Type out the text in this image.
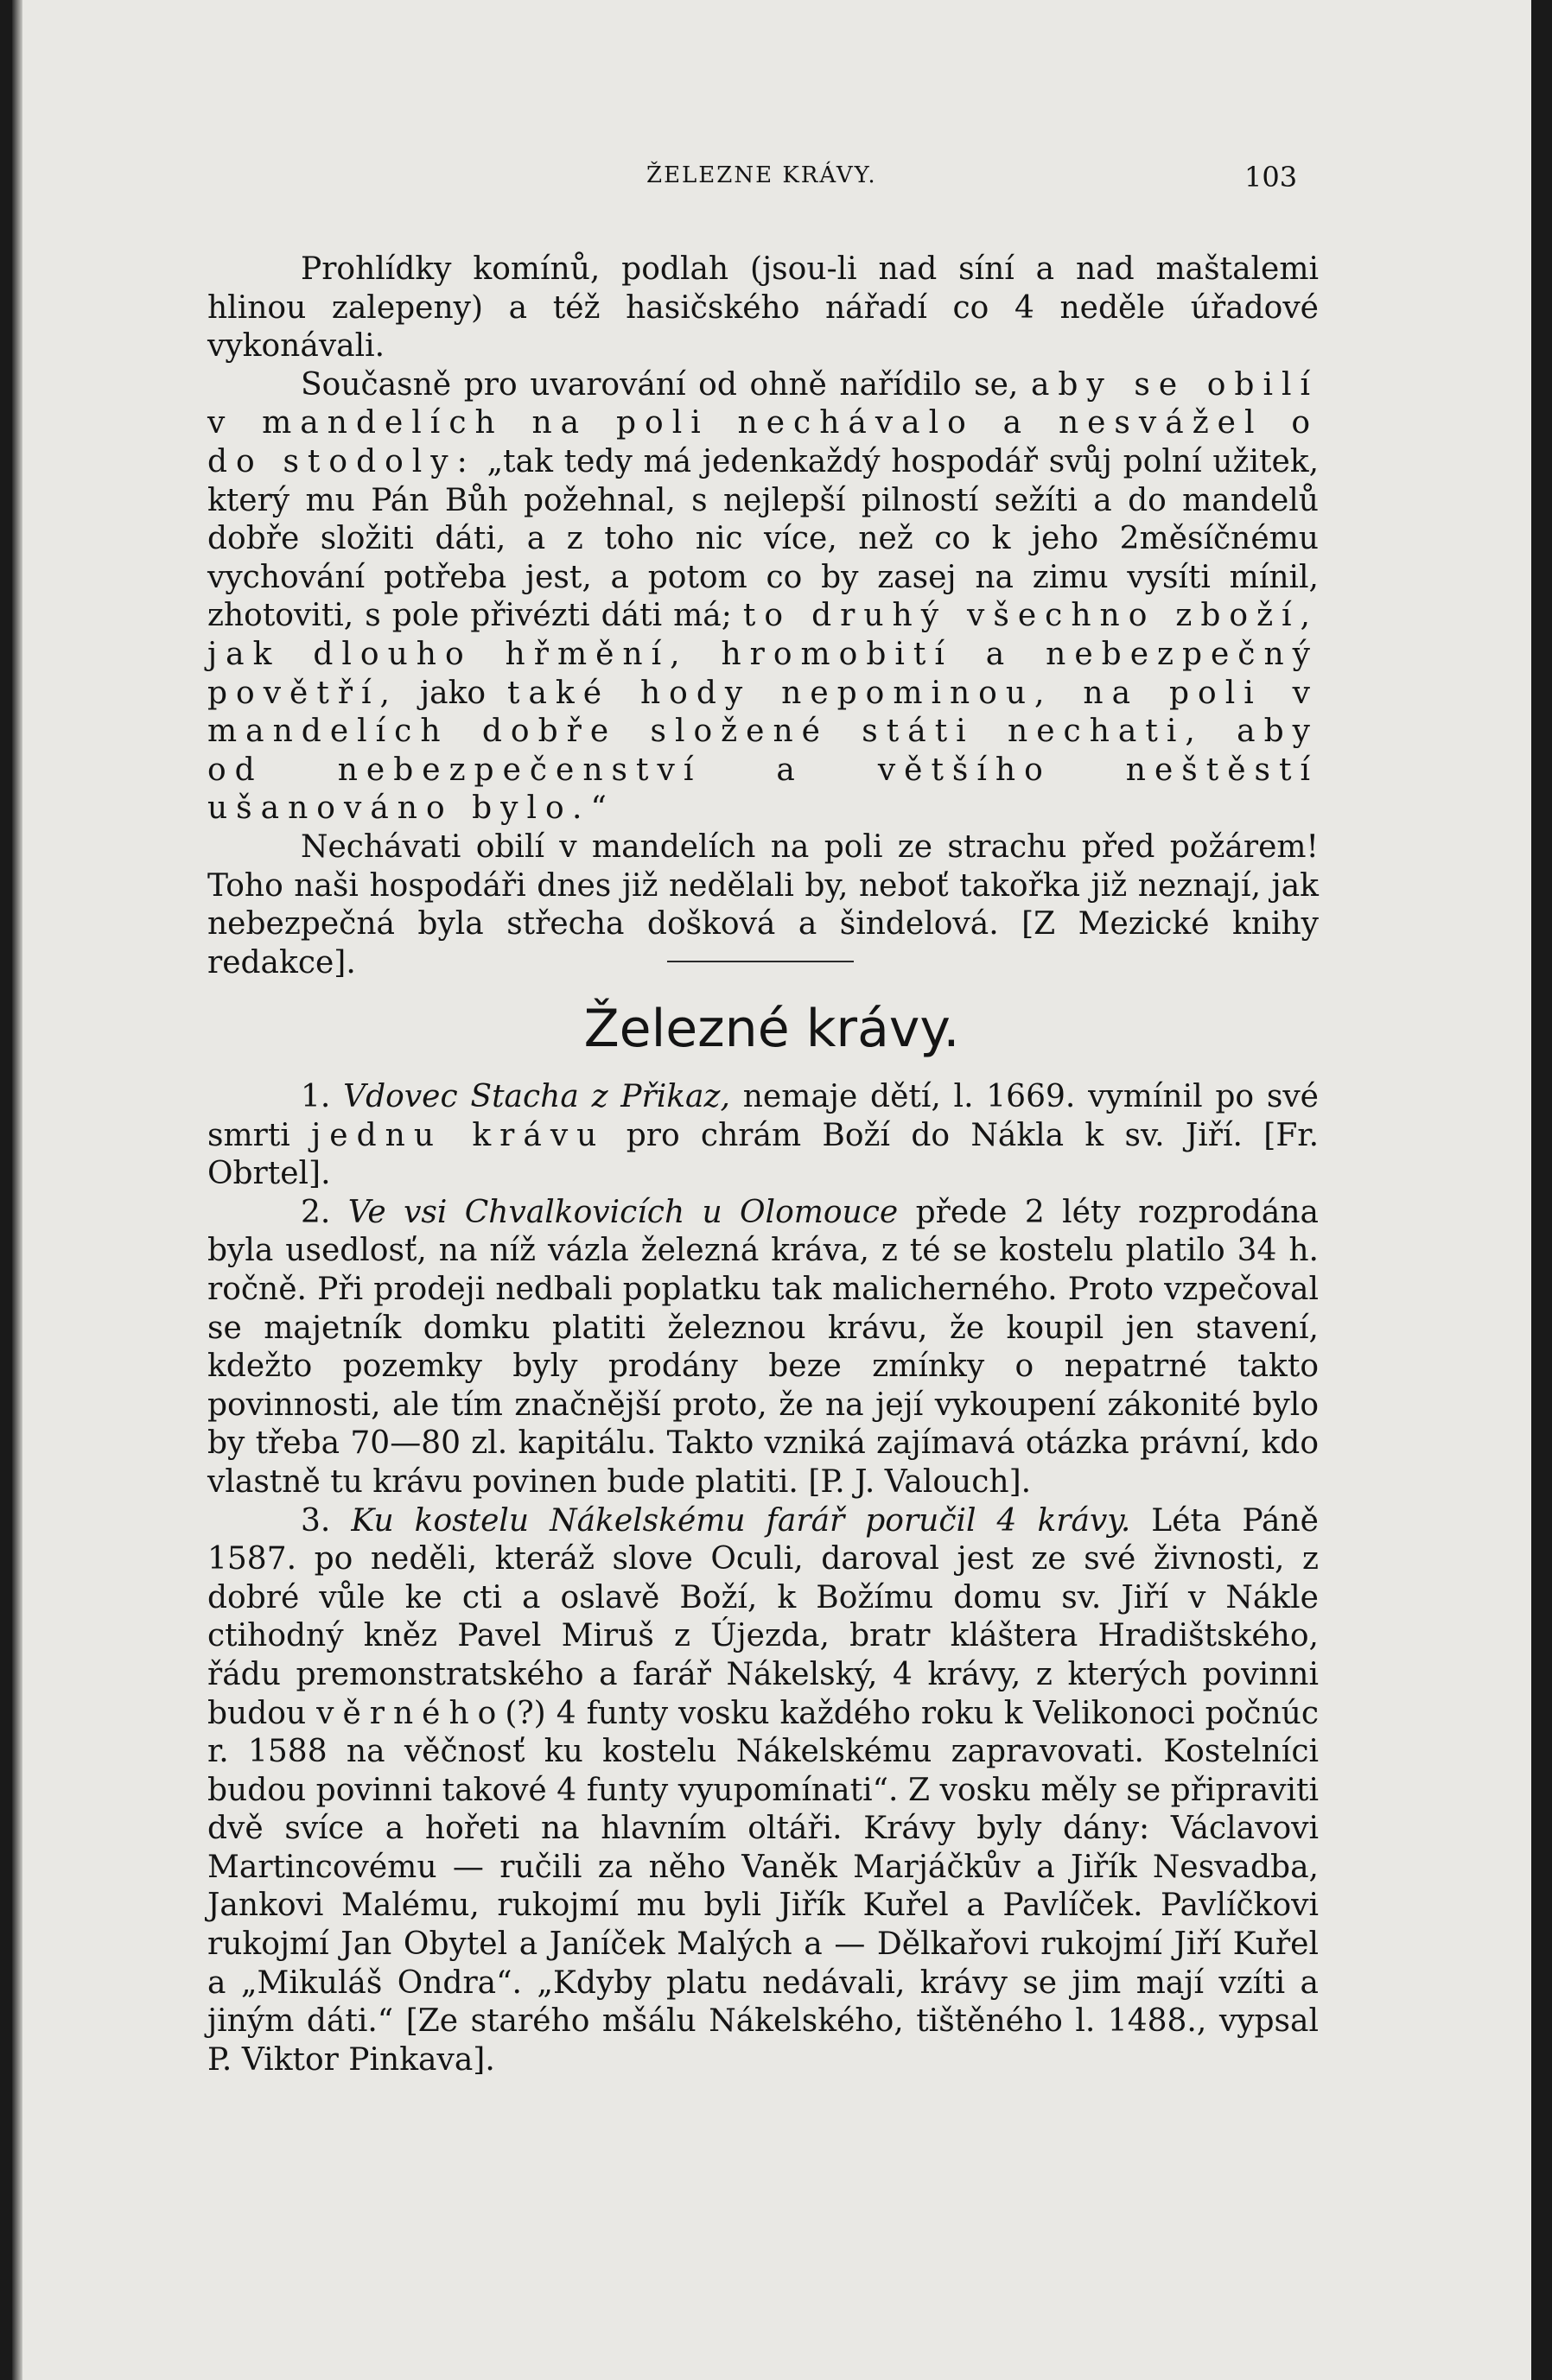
ŽELEZNE KRÁVY.	103

Prohlídky komínů, podlah (jsou-li nad síní a nad maštalemi hlinou zalepeny) a též hasičského nářadí co 4 neděle úřadové vykonávali.

Současně pro uvarování od ohně nařídilo se, aby se obilí v mandelích na poli nechávalo a nesvážel o do stodoly: „tak tedy má jedenkaždý hospodář svůj polní užitek, který mu Pán Bůh požehnal, s nejlepší pilností sežíti a do mandelů dobře složiti dáti, a z toho nic více, než co k jeho 2měsíčnému vychování potřeba jest, a potom co by zasej na zimu vysíti mínil, zhotoviti, s pole přivézti dáti má; to druhý všechno zboží, jak dlouho hřmění, hromobití a nebezpečný povětří, jako také hody nepominou, na poli v mandelích dobře složené státi nechati, aby od nebezpečenství a většího neštěstí ušanováno bylo.“

Nechávati obilí v mandelích na poli ze strachu před požárem! Toho naši hospodáři dnes již nedělali by, neboť takořka již neznají, jak nebezpečná byla střecha došková a šindelová. [Z Mezické knihy redakce].

Železné krávy.

1. Vdovec Stacha z Přikaz, nemaje dětí, l. 1669. vymínil po své smrti jednu krávu pro chrám Boží do Nákla k sv. Jiří. [Fr. Obrtel].

2. Ve vsi Chvalkovicích u Olomouce přede 2 léty rozprodána byla usedlosť, na níž vázla železná kráva, z té se kostelu platilo 34 h. ročně. Při prodeji nedbali poplatku tak malicherného. Proto vzpečoval se majetník domku platiti železnou krávu, že koupil jen stavení, kdežto pozemky byly prodány beze zmínky o nepatrné takto povinnosti, ale tím značnější proto, že na její vykoupení zákonité bylo by třeba 70—80 zl. kapitálu. Takto vzniká zajímavá otázka právní, kdo vlastně tu krávu povinen bude platiti. [P. J. Valouch].

3. Ku kostelu Nákelskému farář poručil 4 krávy. Léta Páně 1587. po neděli, kteráž slove Oculi, daroval jest ze své živnosti, z dobré vůle ke cti a oslavě Boží, k Božímu domu sv. Jiří v Nákle ctihodný kněz Pavel Miruš z Újezda, bratr kláštera Hradištského, řádu premonstratského a farář Nákelský, 4 krávy, z kterých povinni budou věrného(?) 4 funty vosku každého roku k Velikonoci počnúc r. 1588 na věčnosť ku kostelu Nákelskému zapravovati. Kostelníci budou povinni takové 4 funty vyupomínati“. Z vosku měly se připraviti dvě svíce a hořeti na hlavním oltáři. Krávy byly dány: Václavovi Martincovému — ručili za něho Vaněk Marjáčkův a Jiřík Nesvadba, Jankovi Malému, rukojmí mu byli Jiřík Kuřel a Pavlíček. Pavlíčkovi rukojmí Jan Obytel a Janíček Malých a — Dělkařovi rukojmí Jiří Kuřel a „Mikuláš Ondra“. „Kdyby platu nedávali, krávy se jim mají vzíti a jiným dáti.“ [Ze starého mšálu Nákelského, tištěného l. 1488., vypsal P. Viktor Pinkava].
